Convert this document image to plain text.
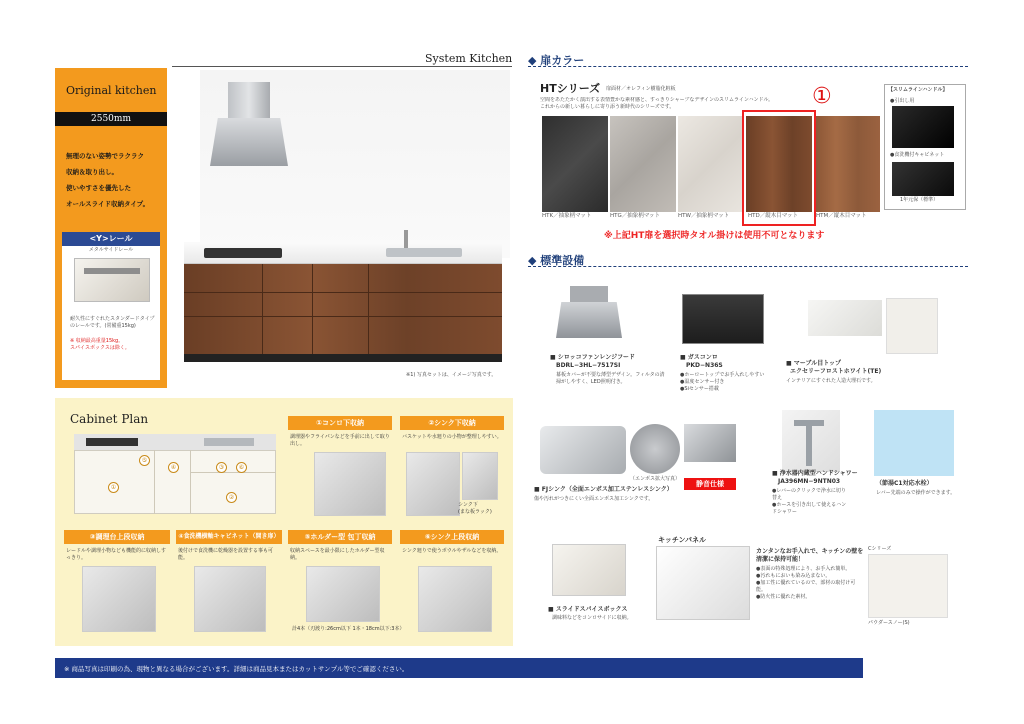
System Kitchen
Original kitchen
2550mm
無理のない姿勢でラクラク
収納＆取り出し。
使いやすさを優先した
オールスライド収納タイプ。
<Y>レール
メタルサイドレール
耐久性にすぐれたスタンダードタイプのレールです。(常備重15kg)
※ 収納最高重量15kg。
スパイスボックスは除く。
※1) 写真セットは、イメージ写真です。
◆ 扉カラー
HTシリーズ 扉面材／オレフィン樹脂化粧板
空間をあたたかく演出する表情豊かな素材感と、すっきりシャープなデザインのスリムラインハンドル。
これからの新しい暮らしに寄り添う新時代のシリーズです。	①
HTK／抽象柄マット	HTG／抽象柄マット	HTW／抽象柄マット	HTD／縦木目マット	HTM／縦木目マット
※上記HT扉を選択時タオル掛けは使用不可となります
【スリムラインハンドル】
●引出し用
●食洗機付キャビネット
1年元保（標準）
◆ 標準設備
■ シロッコファンレンジフード
BDRL−3HL−7517SI
幕板カバーが不要な薄型デザイン。フィルタの清掃がしやすく、LED照明付き。
■ ガスコンロ
PKD−N36S
●ホーロートップでお手入れしやすい
●温度センサー付き
●Siセンサー搭載
■ マーブル目トップ
エクセリーフロストホワイト(TE)
インテリアにすぐれた人造大理石です。
（エンボス拡大写真）
静音仕様
■ FJシンク（全面エンボス加工ステンレスシンク）
傷や汚れがつきにくい全面エンボス加工シンクです。
■ 浄水器内蔵型ハンドシャワー
JA396MN−9NTN03
●レバーのクリックで浄水に切り替え
●ホースを引き出して使えるハンドシャワー
（節湯C1対応水栓）
レバー先端のみで操作ができます。
■ スライドスパイスボックス
調味料などをコンロサイドに収納。
キッチンパネル
カンタンなお手入れで、キッチンの壁を清潔に保持可能！
●表面の特殊処理により、お手入れ簡単。
●汚れもにおいも染み込まない。
●加工性に優れているので、部材の取付け可能。
●防火性に優れた素材。
Cシリーズ
パウダースノー(S)
Cabinet Plan
⑤
④	⑥
③
①
②
①コンロ下収納
調理器やフライパンなどを手前に出して取り出し。
②シンク下収納
バスケットや水廻りの小物が整理しやすい。
シンク下
(まな板ラック)
③調理台上段収納
レードルや調理小物なども機能的に収納しすっきり。
④食洗機横軸キャビネット（開き扉）
後付けで食洗機に乾燥器を設置する事も可能。
⑤ホルダー型 包丁収納
収納スペースを最小限にしたホルダー型収納。
計4本（刃渡り:26cm以下 1本・18cm以下:3本）
⑥シンク上段収納
シンク廻りで使うボウルやザルなどを収納。
※ 商品写真は印刷の為、現物と異なる場合がございます。詳細は商品見本またはカットサンプル等でご確認ください。
